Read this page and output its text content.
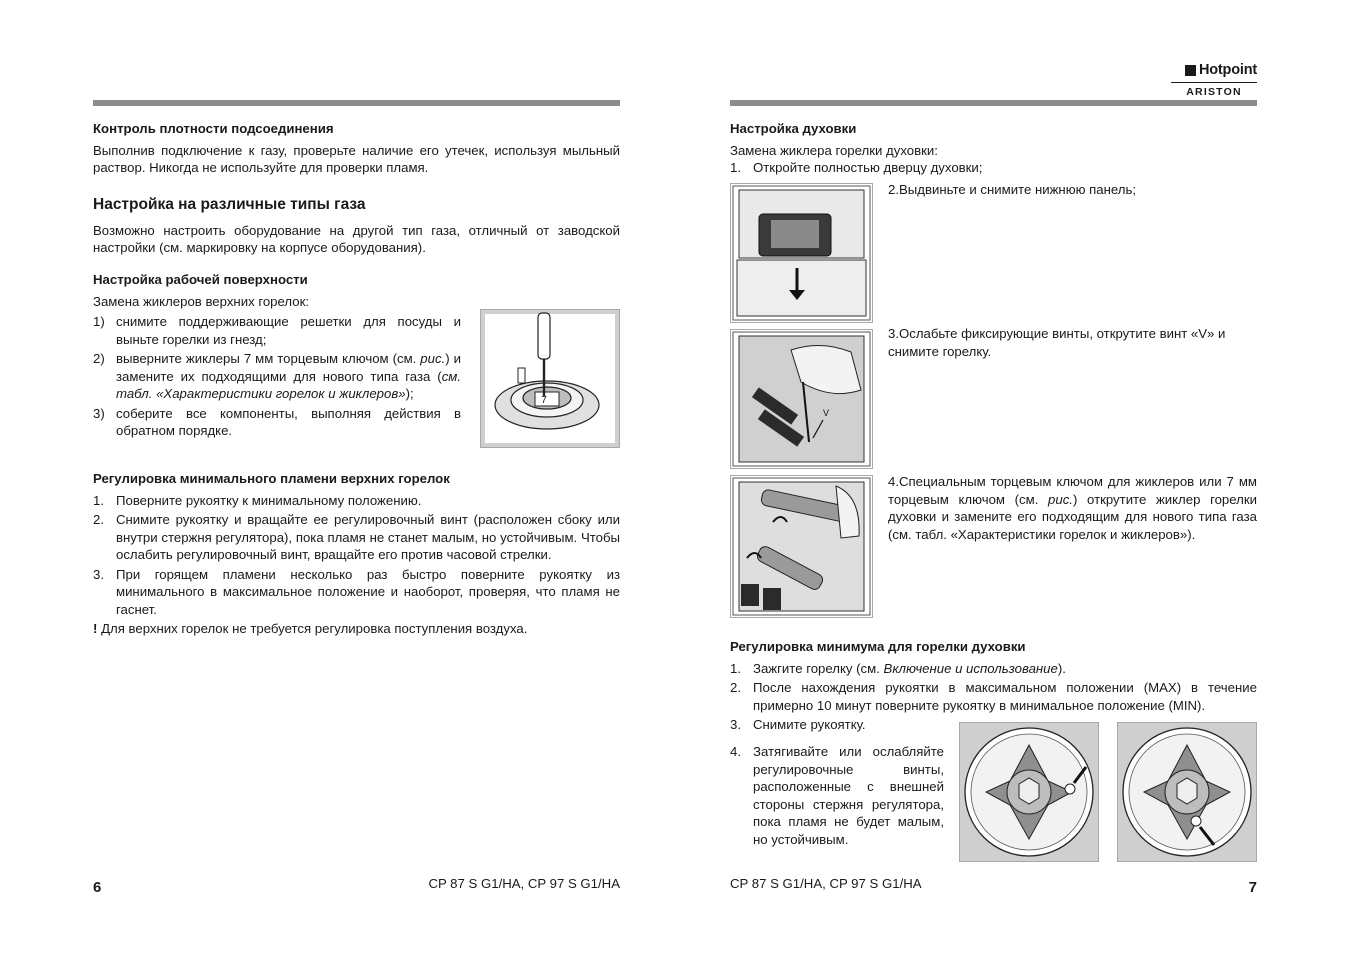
Контроль плотности подсоединения
Выполнив подключение к газу, проверьте наличие его утечек, используя мыльный раствор. Никогда не используйте для проверки пламя.
Настройка на различные типы газа
Возможно настроить оборудование на другой тип газа, отличный от заводской настройки (см. маркировку на корпусе оборудования).
Настройка рабочей поверхности
Замена жиклеров верхних горелок:
1) снимите поддерживающие решетки для посуды и выньте горелки из гнезд;
2) выверните жиклеры 7 мм торцевым ключом (см. рис.) и замените их подходящими для нового типа газа (см. табл. «Характеристики горелок и жиклеров»);
3) соберите все компоненты, выполняя действия в обратном порядке.
7
Регулировка минимального пламени верхних горелок
1. Поверните рукоятку к минимальному положению.
2. Снимите рукоятку и вращайте ее регулировочный винт (расположен сбоку или внутри стержня регулятора), пока пламя не станет малым, но устойчивым. Чтобы ослабить регулировочный винт, вращайте его против часовой стрелки.
3. При горящем пламени несколько раз быстро поверните рукоятку из минимального в максимальное положение и наоборот, проверяя, что пламя не гаснет.
! Для верхних горелок не требуется регулировка поступления воздуха.
6	CP 87 S G1/HA, CP 97 S G1/HA
Hotpoint
ARISTON
Настройка духовки
Замена жиклера горелки духовки:
1. Откройте полностью дверцу духовки;
2.Выдвиньте и снимите нижнюю панель;
V
3.Ослабьте фиксирующие винты, открутите винт «V» и снимите горелку.
4.Специальным торцевым ключом для жиклеров или 7 мм торцевым ключом (см. рис.) открутите жиклер горелки духовки и замените его подходящим для нового типа газа (см. табл. «Характеристики горелок и жиклеров»).
Регулировка минимума для горелки духовки
1. Зажгите горелку (см. Включение и использование).
2. После нахождения рукоятки в максимальном положении (MAX) в течение примерно 10 минут поверните рукоятку в минимальное положение (MIN).
3. Снимите рукоятку.
4. Затягивайте или ослабляйте регулировочные винты, расположенные с внешней стороны стержня регулятора, пока пламя не будет малым, но устойчивым.
CP 87 S G1/HA, CP 97 S G1/HA	7
